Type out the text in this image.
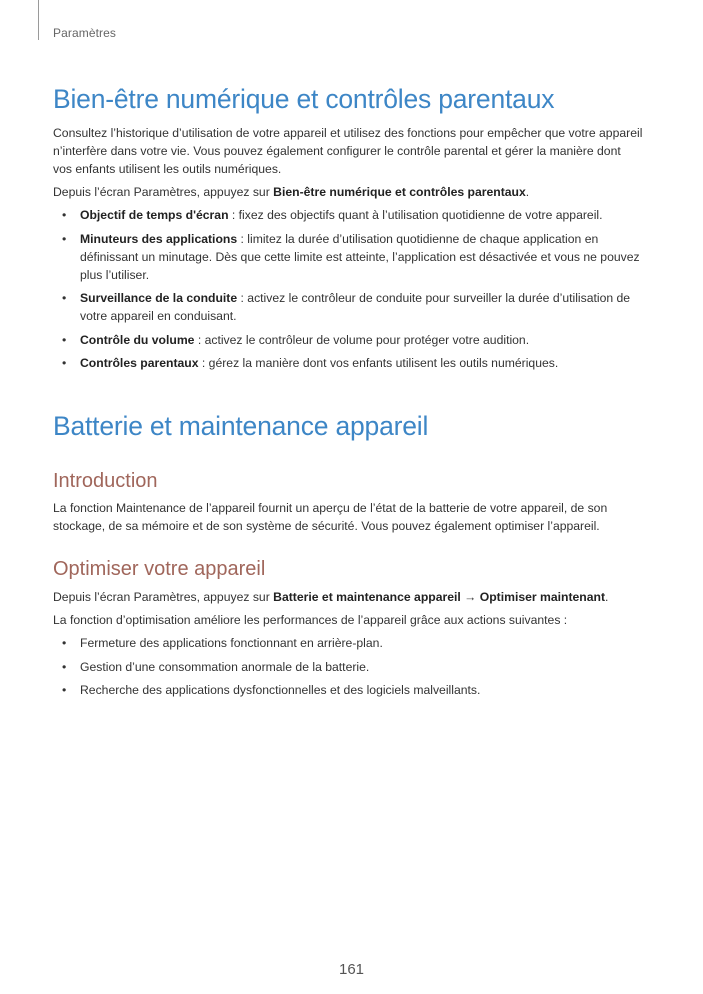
Paramètres
Bien-être numérique et contrôles parentaux

Consultez l’historique d’utilisation de votre appareil et utilisez des fonctions pour empêcher que votre appareil n’interfère dans votre vie. Vous pouvez également configurer le contrôle parental et gérer la manière dont vos enfants utilisent les outils numériques.

Depuis l’écran Paramètres, appuyez sur Bien-être numérique et contrôles parentaux.

• Objectif de temps d'écran : fixez des objectifs quant à l’utilisation quotidienne de votre appareil.
• Minuteurs des applications : limitez la durée d’utilisation quotidienne de chaque application en définissant un minutage. Dès que cette limite est atteinte, l’application est désactivée et vous ne pouvez plus l’utiliser.
• Surveillance de la conduite : activez le contrôleur de conduite pour surveiller la durée d’utilisation de votre appareil en conduisant.
• Contrôle du volume : activez le contrôleur de volume pour protéger votre audition.
• Contrôles parentaux : gérez la manière dont vos enfants utilisent les outils numériques.
Batterie et maintenance appareil
Introduction

La fonction Maintenance de l’appareil fournit un aperçu de l’état de la batterie de votre appareil, de son stockage, de sa mémoire et de son système de sécurité. Vous pouvez également optimiser l’appareil.

Optimiser votre appareil

Depuis l’écran Paramètres, appuyez sur Batterie et maintenance appareil → Optimiser maintenant.

La fonction d’optimisation améliore les performances de l’appareil grâce aux actions suivantes :

• Fermeture des applications fonctionnant en arrière-plan.
• Gestion d’une consommation anormale de la batterie.
• Recherche des applications dysfonctionnelles et des logiciels malveillants.
161
